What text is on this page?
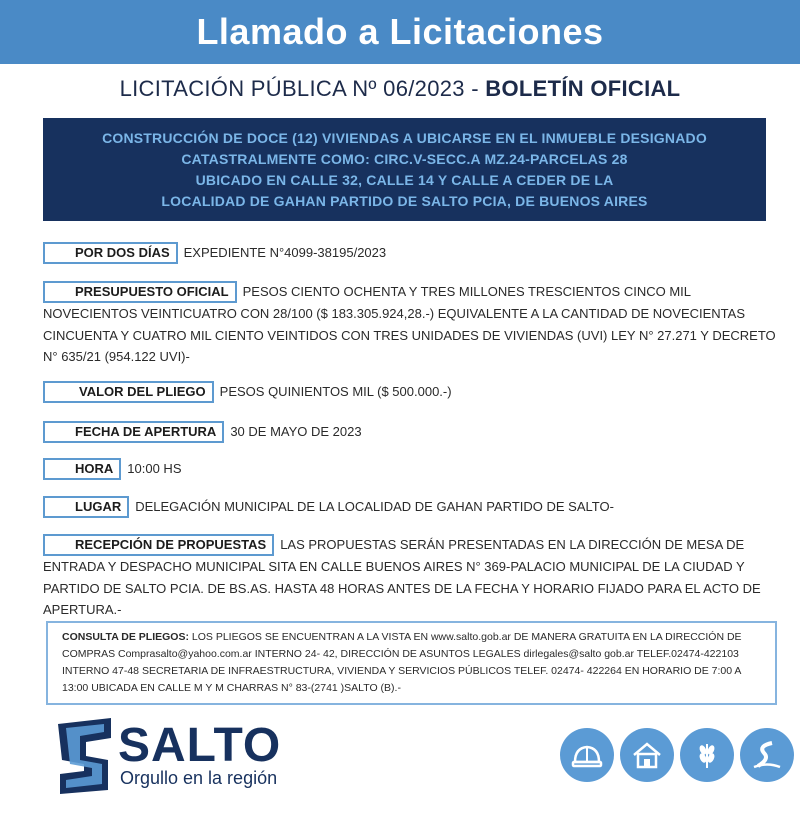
Llamado a Licitaciones
LICITACIÓN PÚBLICA Nº 06/2023 - BOLETÍN OFICIAL
CONSTRUCCIÓN DE DOCE (12) VIVIENDAS A UBICARSE EN EL INMUEBLE DESIGNADO
CATASTRALMENTE COMO: CIRC.V-SECC.A MZ.24-PARCELAS 28
UBICADO EN CALLE 32, CALLE 14 Y CALLE A CEDER DE LA
LOCALIDAD DE GAHAN PARTIDO DE SALTO PCIA, DE BUENOS AIRES
POR DOS DÍAS EXPEDIENTE N°4099-38195/2023
PRESUPUESTO OFICIAL PESOS CIENTO OCHENTA Y TRES MILLONES TRESCIENTOS CINCO MIL NOVECIENTOS VEINTICUATRO CON 28/100 ($ 183.305.924,28.-) EQUIVALENTE A LA CANTIDAD DE NOVECIENTAS CINCUENTA Y CUATRO MIL CIENTO VEINTIDOS CON TRES UNIDADES DE VIVIENDAS (UVI) LEY N° 27.271 Y DECRETO N° 635/21 (954.122 UVI)-
VALOR DEL PLIEGO PESOS QUINIENTOS MIL ($ 500.000.-)
FECHA DE APERTURA 30 DE MAYO DE 2023
HORA 10:00 HS
LUGAR DELEGACIÓN MUNICIPAL DE LA LOCALIDAD DE GAHAN PARTIDO DE SALTO-
RECEPCIÓN DE PROPUESTAS LAS PROPUESTAS SERÁN PRESENTADAS EN LA DIRECCIÓN DE MESA DE ENTRADA Y DESPACHO MUNICIPAL SITA EN CALLE BUENOS AIRES N° 369-PALACIO MUNICIPAL DE LA CIUDAD Y PARTIDO DE SALTO PCIA. DE BS.AS. HASTA 48 HORAS ANTES DE LA FECHA Y HORARIO FIJADO PARA EL ACTO DE APERTURA.-
CONSULTA DE PLIEGOS: LOS PLIEGOS SE ENCUENTRAN A LA VISTA EN www.salto.gob.ar DE MANERA GRATUITA EN LA DIRECCIÓN DE COMPRAS Comprasalto@yahoo.com.ar INTERNO 24- 42, DIRECCIÓN DE ASUNTOS LEGALES dirlegales@salto gob.ar TELEF.02474-422103 INTERNO 47-48 SECRETARIA DE INFRAESTRUCTURA, VIVIENDA Y SERVICIOS PÚBLICOS TELEF. 02474- 422264 EN HORARIO DE 7:00 A 13:00 UBICADA EN CALLE M Y M CHARRAS N° 83-(2741 )SALTO (B).-
SALTO
Orgullo en la región
